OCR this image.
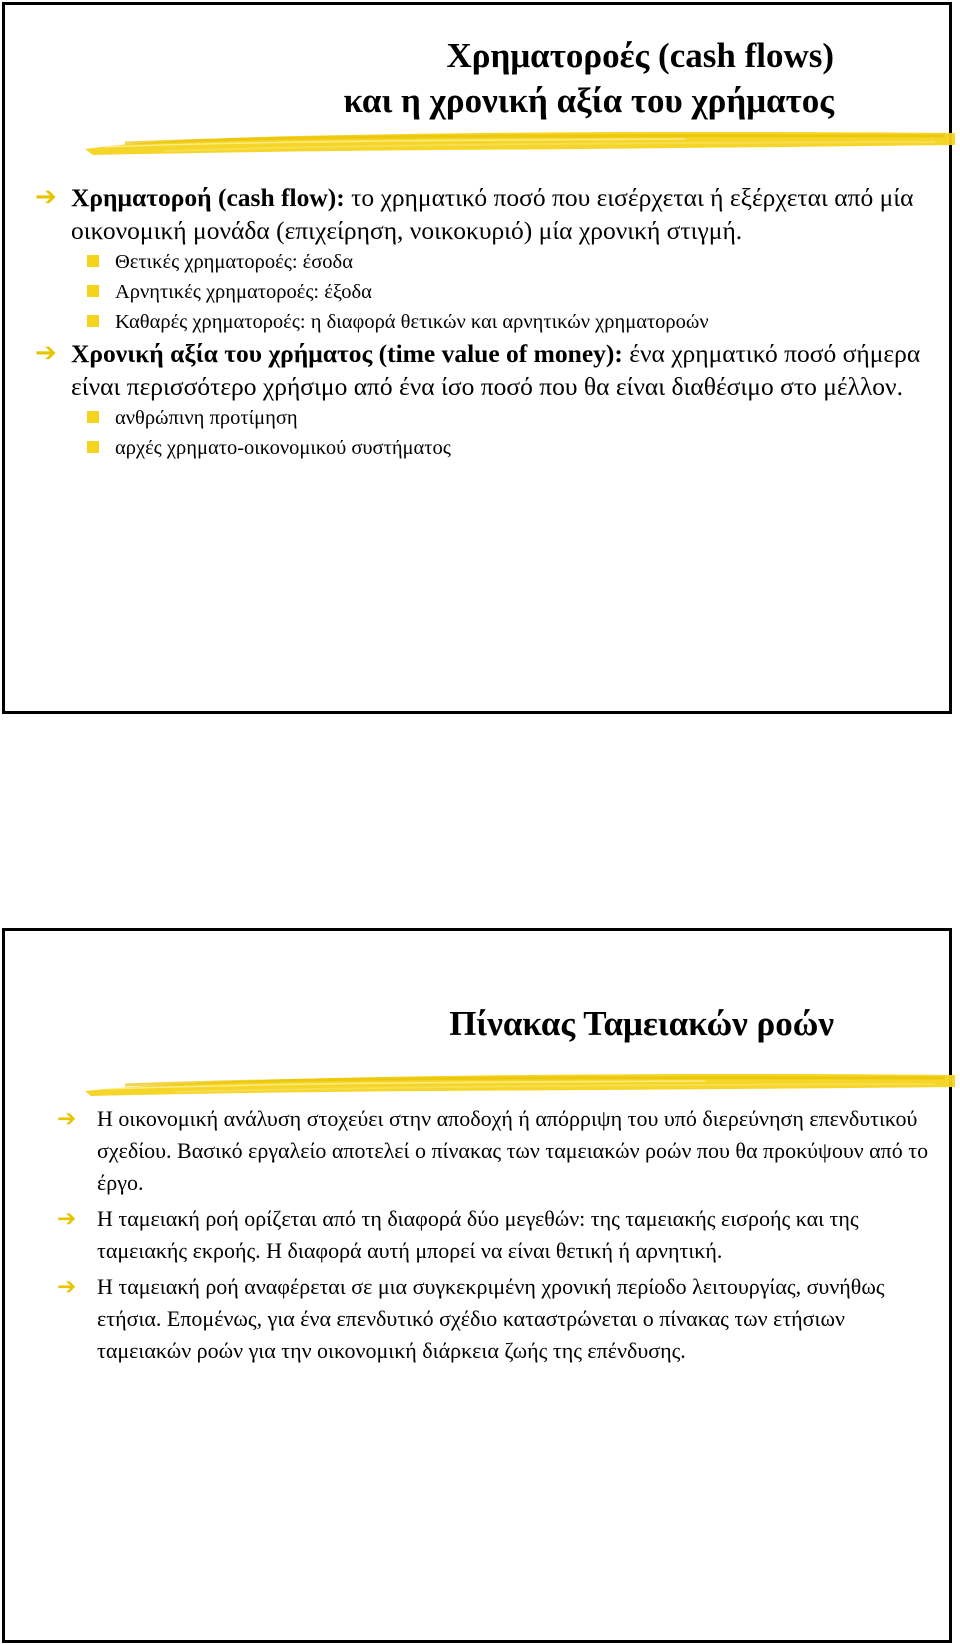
Χρηματοροές (cash flows)
και η χρονική αξία του χρήματος
➔ Χρηματοροή (cash flow): το χρηματικό ποσό που εισέρχεται ή εξέρχεται από μία οικονομική μονάδα (επιχείρηση, νοικοκυριό) μία χρονική στιγμή.
Θετικές χρηματοροές: έσοδα
Αρνητικές χρηματοροές: έξοδα
Καθαρές χρηματοροές: η διαφορά θετικών και αρνητικών χρηματοροών
➔ Χρονική αξία του χρήματος (time value of money): ένα χρηματικό ποσό σήμερα είναι περισσότερο χρήσιμο από ένα ίσο ποσό που θα είναι διαθέσιμο στο μέλλον.
ανθρώπινη προτίμηση
αρχές χρηματο-οικονομικού συστήματος
Πίνακας Ταμειακών ροών
➔ Η οικονομική ανάλυση στοχεύει στην αποδοχή ή απόρριψη του υπό διερεύνηση επενδυτικού σχεδίου. Βασικό εργαλείο αποτελεί ο πίνακας των ταμειακών ροών που θα προκύψουν από το έργο.
➔ Η ταμειακή ροή ορίζεται από τη διαφορά δύο μεγεθών: της ταμειακής εισροής και της ταμειακής εκροής. Η διαφορά αυτή μπορεί να είναι θετική ή αρνητική.
➔ Η ταμειακή ροή αναφέρεται σε μια συγκεκριμένη χρονική περίοδο λειτουργίας, συνήθως ετήσια. Επομένως, για ένα επενδυτικό σχέδιο καταστρώνεται ο πίνακας των ετήσιων ταμειακών ροών για την οικονομική διάρκεια ζωής της επένδυσης.
